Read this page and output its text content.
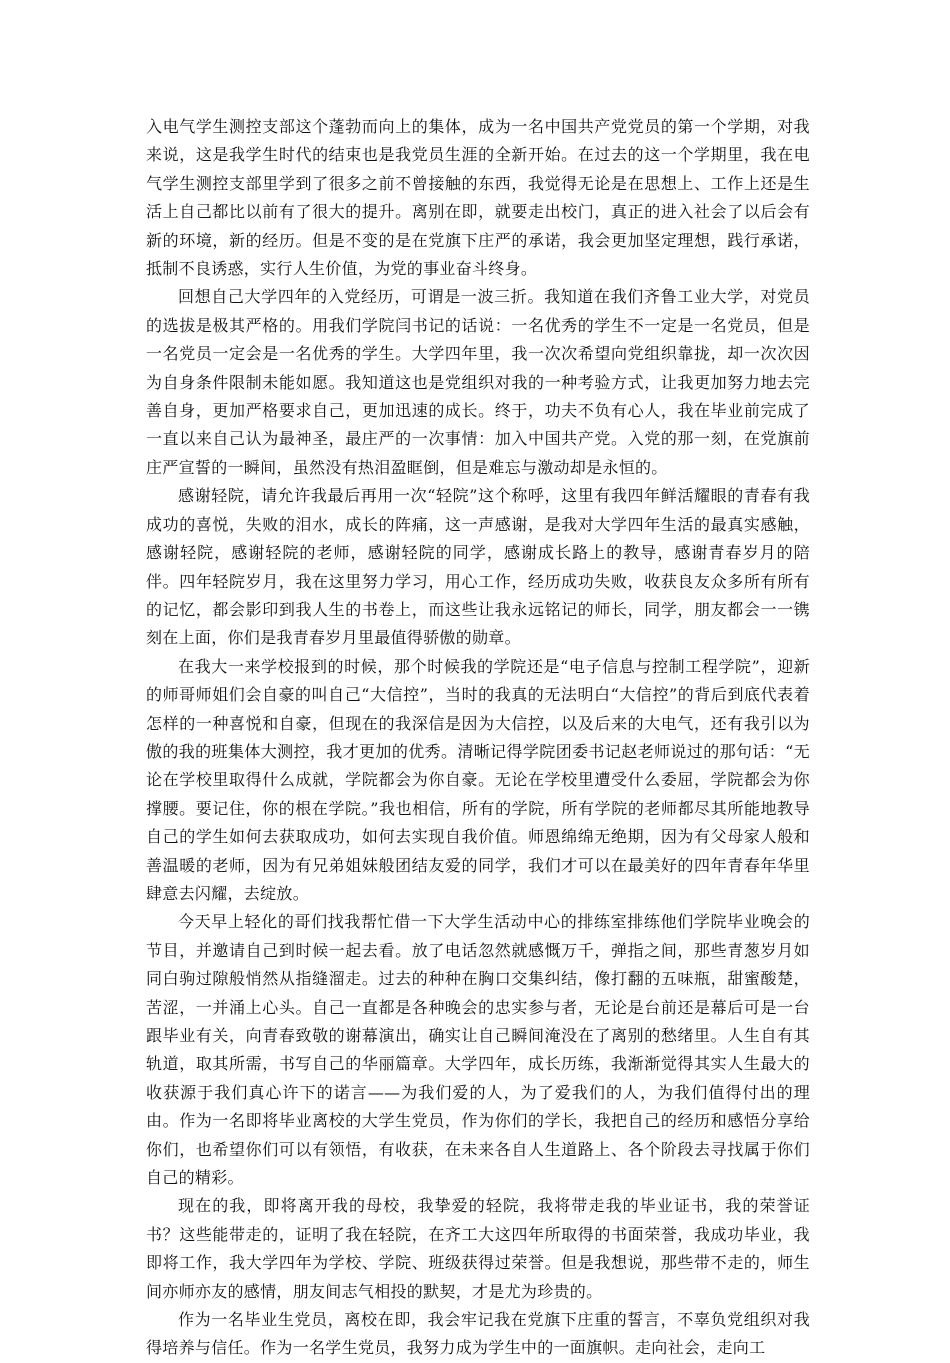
入电气学生测控支部这个蓬勃而向上的集体，成为一名中国共产党党员的第一个学期，对我来说，这是我学生时代的结束也是我党员生涯的全新开始。在过去的这一个学期里，我在电气学生测控支部里学到了很多之前不曾接触的东西，我觉得无论是在思想上、工作上还是生活上自己都比以前有了很大的提升。离别在即，就要走出校门，真正的进入社会了以后会有新的环境，新的经历。但是不变的是在党旗下庄严的承诺，我会更加坚定理想，践行承诺，抵制不良诱惑，实行人生价值，为党的事业奋斗终身。

回想自己大学四年的入党经历，可谓是一波三折。我知道在我们齐鲁工业大学，对党员的选拔是极其严格的。用我们学院闫书记的话说：一名优秀的学生不一定是一名党员，但是一名党员一定会是一名优秀的学生。大学四年里，我一次次希望向党组织靠拢，却一次次因为自身条件限制未能如愿。我知道这也是党组织对我的一种考验方式，让我更加努力地去完善自身，更加严格要求自己，更加迅速的成长。终于，功夫不负有心人，我在毕业前完成了一直以来自己认为最神圣，最庄严的一次事情：加入中国共产党。入党的那一刻，在党旗前庄严宣誓的一瞬间，虽然没有热泪盈眶倒，但是难忘与激动却是永恒的。

感谢轻院，请允许我最后再用一次“轻院”这个称呼，这里有我四年鲜活耀眼的青春有我成功的喜悦，失败的泪水，成长的阵痛，这一声感谢，是我对大学四年生活的最真实感触，感谢轻院，感谢轻院的老师，感谢轻院的同学，感谢成长路上的教导，感谢青春岁月的陪伴。四年轻院岁月，我在这里努力学习，用心工作，经历成功失败，收获良友众多所有所有的记忆，都会影印到我人生的书卷上，而这些让我永远铭记的师长，同学，朋友都会一一镌刻在上面，你们是我青春岁月里最值得骄傲的勋章。

在我大一来学校报到的时候，那个时候我的学院还是“电子信息与控制工程学院”，迎新的师哥师姐们会自豪的叫自己“大信控”，当时的我真的无法明白“大信控”的背后到底代表着怎样的一种喜悦和自豪，但现在的我深信是因为大信控，以及后来的大电气，还有我引以为傲的我的班集体大测控，我才更加的优秀。清晰记得学院团委书记赵老师说过的那句话：“无论在学校里取得什么成就，学院都会为你自豪。无论在学校里遭受什么委屈，学院都会为你撑腰。要记住，你的根在学院。”我也相信，所有的学院，所有学院的老师都尽其所能地教导自己的学生如何去获取成功，如何去实现自我价值。师恩绵绵无绝期，因为有父母家人般和善温暖的老师，因为有兄弟姐妹般团结友爱的同学，我们才可以在最美好的四年青春年华里肆意去闪耀，去绽放。

今天早上轻化的哥们找我帮忙借一下大学生活动中心的排练室排练他们学院毕业晚会的节目，并邀请自己到时候一起去看。放了电话忽然就感慨万千，弹指之间，那些青葱岁月如同白驹过隙般悄然从指缝溜走。过去的种种在胸口交集纠结，像打翻的五味瓶，甜蜜酸楚，苦涩，一并涌上心头。自己一直都是各种晚会的忠实参与者，无论是台前还是幕后可是一台跟毕业有关，向青春致敬的谢幕演出，确实让自己瞬间淹没在了离别的愁绪里。人生自有其轨道，取其所需，书写自己的华丽篇章。大学四年，成长历练，我渐渐觉得其实人生最大的收获源于我们真心许下的诺言——为我们爱的人，为了爱我们的人，为我们值得付出的理由。作为一名即将毕业离校的大学生党员，作为你们的学长，我把自己的经历和感悟分享给你们，也希望你们可以有领悟，有收获，在未来各自人生道路上、各个阶段去寻找属于你们自己的精彩。

现在的我，即将离开我的母校，我挚爱的轻院，我将带走我的毕业证书，我的荣誉证书？这些能带走的，证明了我在轻院，在齐工大这四年所取得的书面荣誉，我成功毕业，我即将工作，我大学四年为学校、学院、班级获得过荣誉。但是我想说，那些带不走的，师生间亦师亦友的感情，朋友间志气相投的默契，才是尤为珍贵的。

作为一名毕业生党员，离校在即，我会牢记我在党旗下庄重的誓言，不辜负党组织对我得培养与信任。作为一名学生党员，我努力成为学生中的一面旗帜。走向社会，走向工
